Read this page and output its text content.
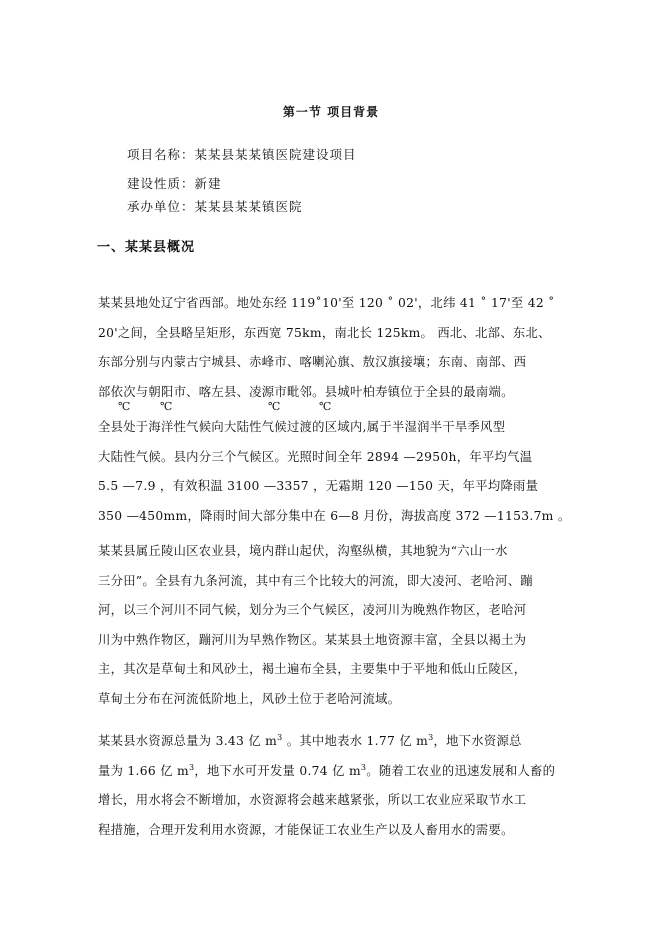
第一节 项目背景
项目名称：某某县某某镇医院建设项目
建设性质：新建
承办单位：某某县某某镇医院
一、某某县概况
某某县地处辽宁省西部。地处东经 119˚10'至 120 ˚ 02'，北纬 41 ˚ 17'至 42 ˚
20'之间，全县略呈矩形，东西宽 75km，南北长 125km。 西北、北部、东北、
东部分别与内蒙古宁城县、赤峰市、喀喇沁旗、敖汉旗接壤；东南、南部、西
部依次与朝阳市、喀左县、凌源市毗邻。县城叶柏寿镇位于全县的最南端。
℃	℃	℃	℃
全县处于海洋性气候向大陆性气候过渡的区域内,属于半湿润半干旱季风型
大陆性气候。县内分三个气候区。光照时间全年 2894 —2950h，年平均气温
5.5 —7.9 ，有效积温 3100 —3357 ，无霜期 120 —150 天，年平均降雨量
350 —450mm，降雨时间大部分集中在 6—8 月份，海拔高度 372 —1153.7m 。
某某县属丘陵山区农业县，境内群山起伏，沟壑纵横，其地貌为“六山一水
三分田”。全县有九条河流，其中有三个比较大的河流，即大凌河、老哈河、蹦
河，以三个河川不同气候，划分为三个气候区，凌河川为晚熟作物区，老哈河
川为中熟作物区，蹦河川为早熟作物区。某某县土地资源丰富，全县以褐土为
主，其次是草甸土和风砂土，褐土遍布全县，主要集中于平地和低山丘陵区，
草甸土分布在河流低阶地上，风砂土位于老哈河流域。
某某县水资源总量为 3.43 亿 $m^3$ 。其中地表水 1.77 亿 $m^3$，地下水资源总
量为 1.66 亿 $m^3$，地下水可开发量 0.74 亿 $m^3$。随着工农业的迅速发展和人畜的
增长，用水将会不断增加，水资源将会越来越紧张，所以工农业应采取节水工
程措施，合理开发利用水资源，才能保证工农业生产以及人畜用水的需要。
